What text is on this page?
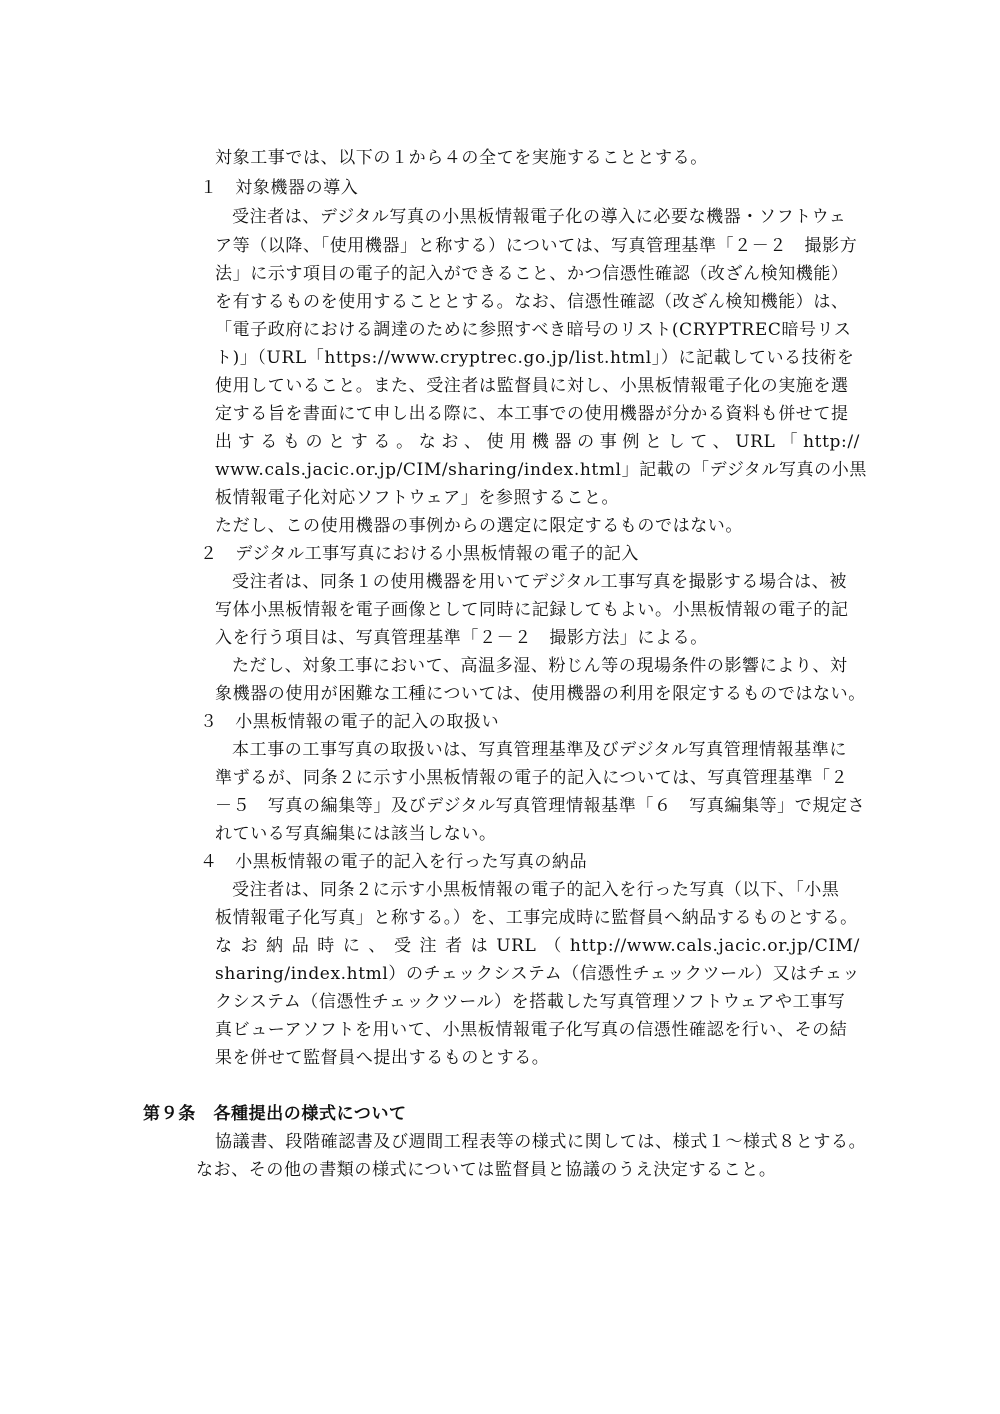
対象工事では、以下の１から４の全てを実施することとする。
１　対象機器の導入
受注者は、デジタル写真の小黒板情報電子化の導入に必要な機器・ソフトウェ
ア等（以降、「使用機器」と称する）については、写真管理基準「２－２　撮影方
法」に示す項目の電子的記入ができること、かつ信憑性確認（改ざん検知機能）
を有するものを使用することとする。なお、信憑性確認（改ざん検知機能）は、
「電子政府における調達のために参照すべき暗号のリスト(CRYPTREC暗号リス
ト)」（URL「https://www.cryptrec.go.jp/list.html」）に記載している技術を
使用していること。また、受注者は監督員に対し、小黒板情報電子化の実施を選
定する旨を書面にて申し出る際に、本工事での使用機器が分かる資料も併せて提
出するものとする。なお、使用機器の事例として、URL「http://
www.cals.jacic.or.jp/CIM/sharing/index.html」記載の「デジタル写真の小黒
板情報電子化対応ソフトウェア」を参照すること。
ただし、この使用機器の事例からの選定に限定するものではない。
２　デジタル工事写真における小黒板情報の電子的記入
受注者は、同条１の使用機器を用いてデジタル工事写真を撮影する場合は、被
写体小黒板情報を電子画像として同時に記録してもよい。小黒板情報の電子的記
入を行う項目は、写真管理基準「２－２　撮影方法」による。
ただし、対象工事において、高温多湿、粉じん等の現場条件の影響により、対
象機器の使用が困難な工種については、使用機器の利用を限定するものではない。
３　小黒板情報の電子的記入の取扱い
本工事の工事写真の取扱いは、写真管理基準及びデジタル写真管理情報基準に
準ずるが、同条２に示す小黒板情報の電子的記入については、写真管理基準「２
－５　写真の編集等」及びデジタル写真管理情報基準「６　写真編集等」で規定さ
れている写真編集には該当しない。
４　小黒板情報の電子的記入を行った写真の納品
受注者は、同条２に示す小黒板情報の電子的記入を行った写真（以下、「小黒
板情報電子化写真」と称する。）を、工事完成時に監督員へ納品するものとする。
なお納品時に、受注者はURL（http://www.cals.jacic.or.jp/CIM/
sharing/index.html）のチェックシステム（信憑性チェックツール）又はチェッ
クシステム（信憑性チェックツール）を搭載した写真管理ソフトウェアや工事写
真ビューアソフトを用いて、小黒板情報電子化写真の信憑性確認を行い、その結
果を併せて監督員へ提出するものとする。
第９条　各種提出の様式について
協議書、段階確認書及び週間工程表等の様式に関しては、様式１～様式８とする。
なお、その他の書類の様式については監督員と協議のうえ決定すること。
